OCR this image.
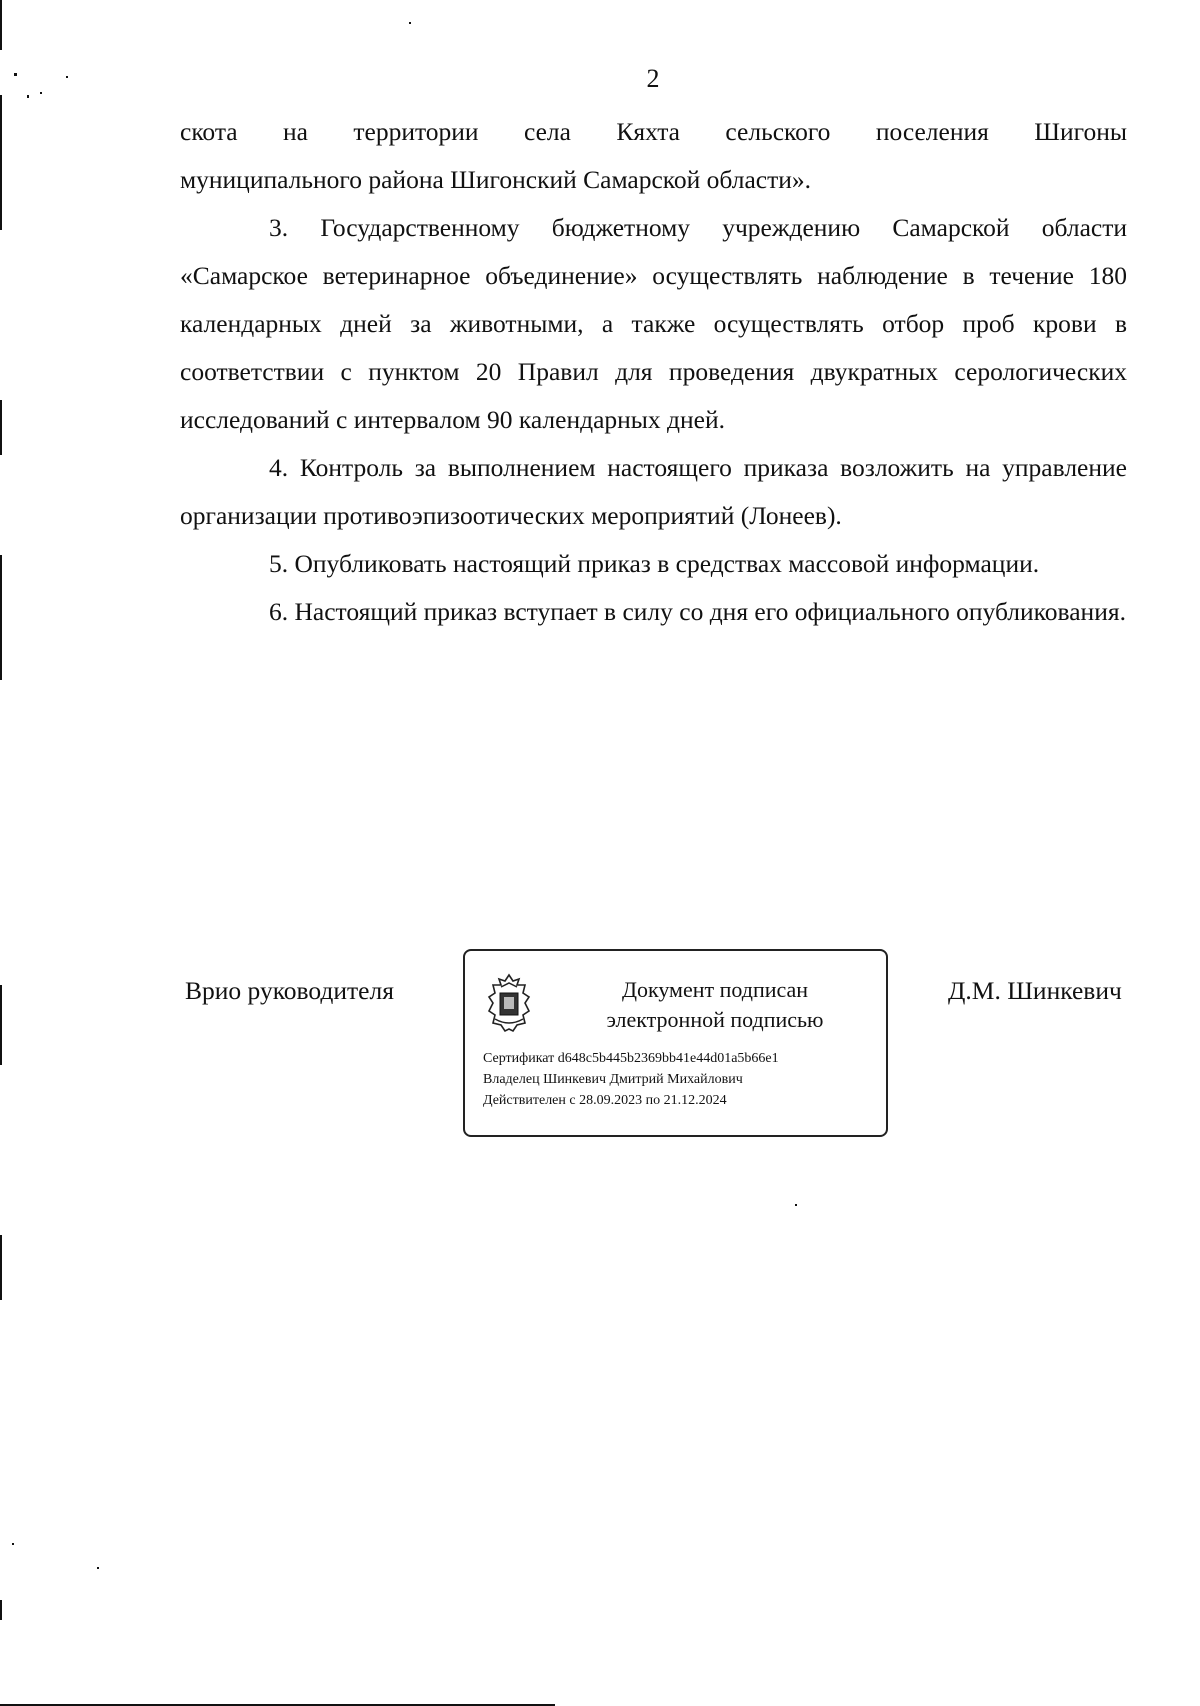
2

скота на территории села Кяхта сельского поселения Шигоны
муниципального района Шигонский Самарской области».

3. Государственному бюджетному учреждению Самарской области «Самарское ветеринарное объединение» осуществлять наблюдение в течение 180 календарных дней за животными, а также осуществлять отбор проб крови в соответствии с пунктом 20 Правил для проведения двукратных серологических исследований с интервалом 90 календарных дней.

4. Контроль за выполнением настоящего приказа возложить на управление организации противоэпизоотических мероприятий (Лонеев).

5. Опубликовать настоящий приказ в средствах массовой информации.

6. Настоящий приказ вступает в силу со дня его официального опубликования.

Врио руководителя	Документ подписан
электронной подписью
Сертификат d648c5b445b2369bb41e44d01a5b66e1
Владелец Шинкевич Дмитрий Михайлович
Действителен с 28.09.2023 по 21.12.2024
Д.М. Шинкевич
